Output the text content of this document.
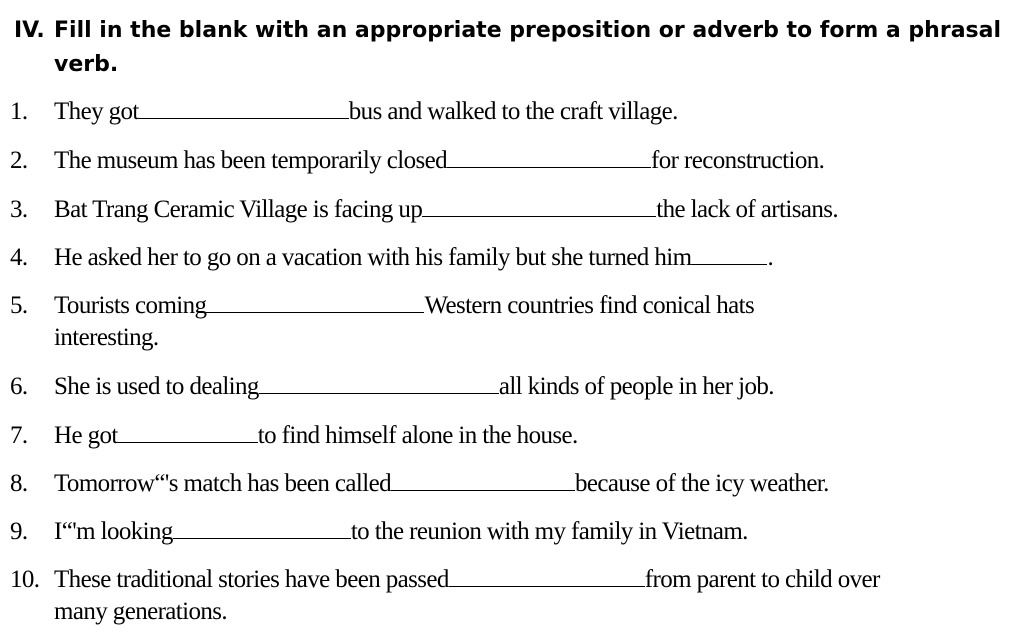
IV. Fill in the blank with an appropriate preposition or adverb to form a phrasal verb.
1. They got	bus and walked to the craft village.
2. The museum has been temporarily closed	for reconstruction.
3. Bat Trang Ceramic Village is facing up	the lack of artisans.
4. He asked her to go on a vacation with his family but she turned him	.
5. Tourists coming	Western countries find conical hats interesting.
6. She is used to dealing	all kinds of people in her job.
7. He got	to find himself alone in the house.
8. Tomorrow“'s match has been called	because of the icy weather.
9. I“'m looking	to the reunion with my family in Vietnam.
10. These traditional stories have been passed	from parent to child over many generations.
